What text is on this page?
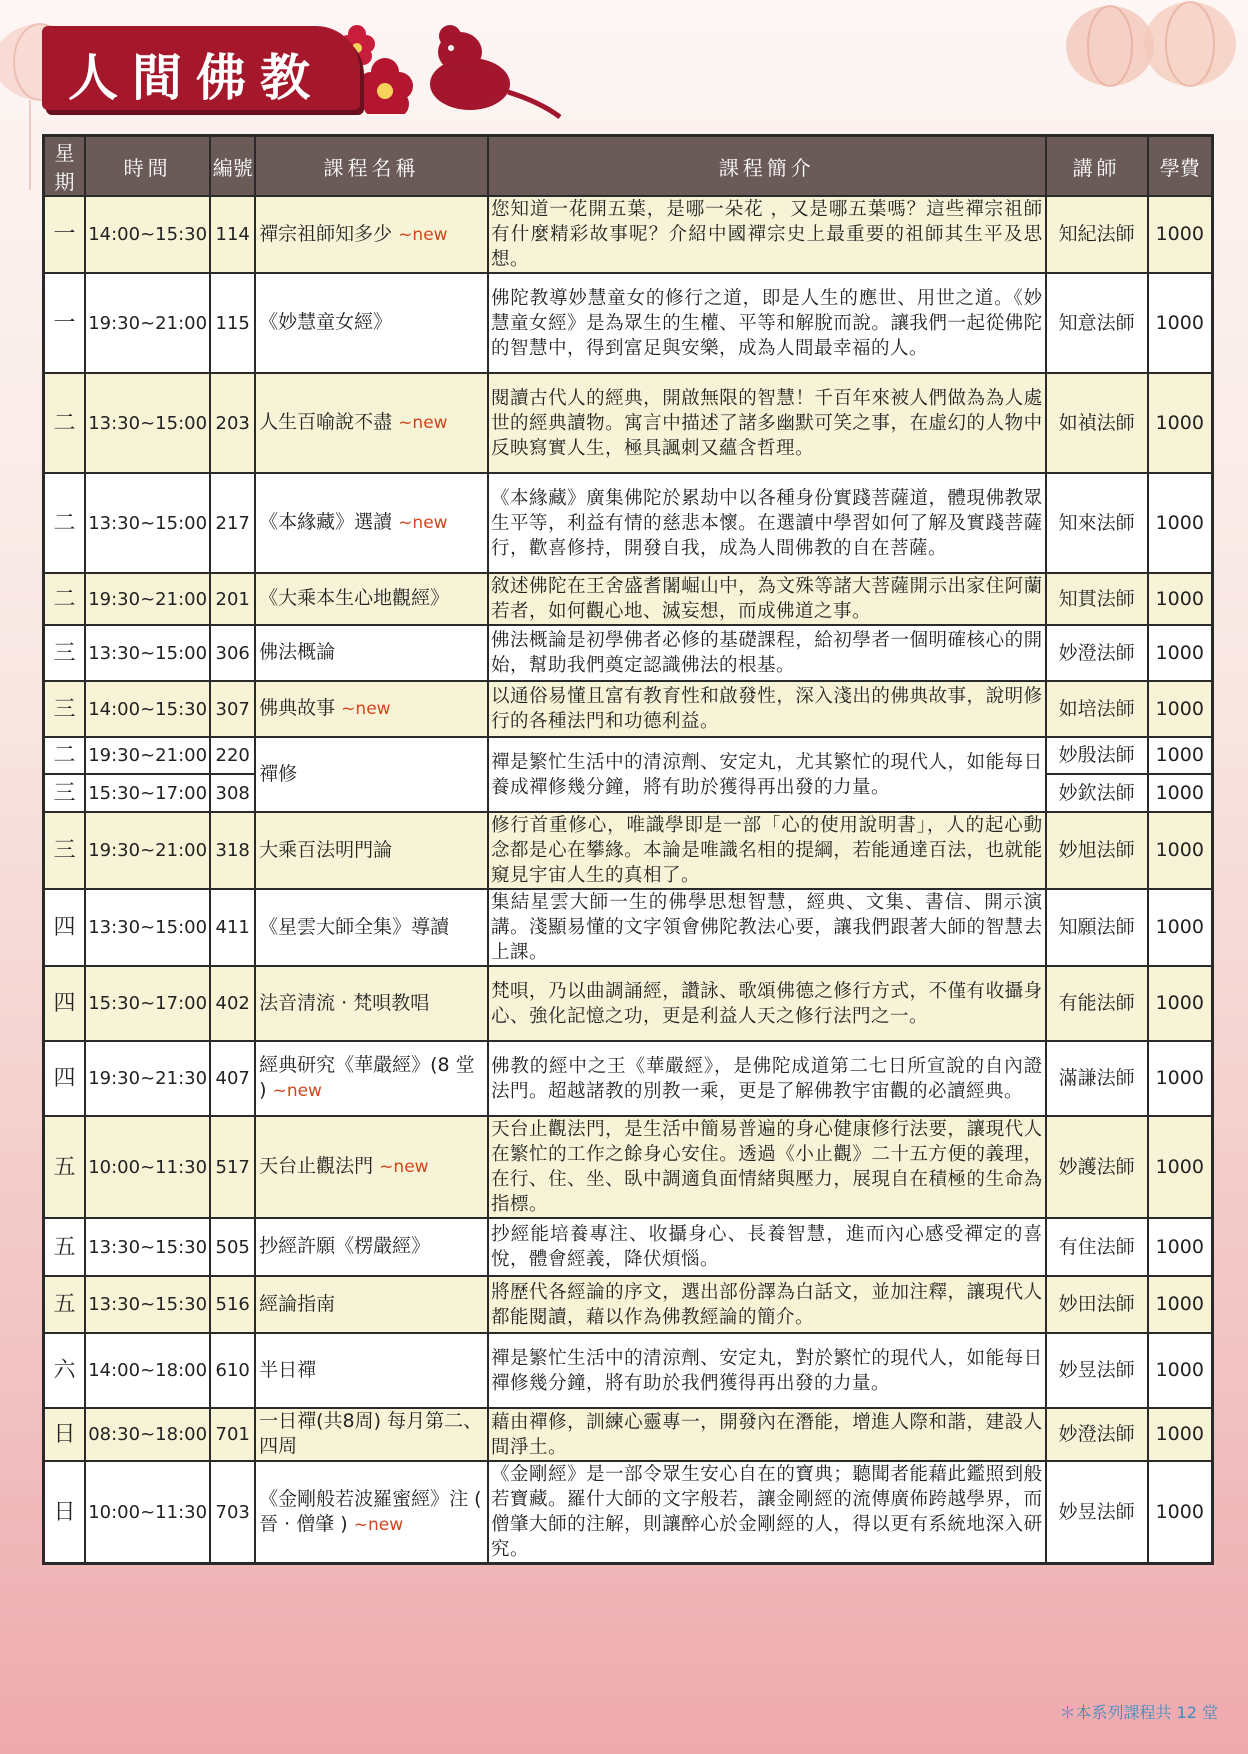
人間佛教
星期	時間	編號	課程名稱	課程簡介	講師	學費
一	14:00~15:30	114	禪宗祖師知多少 ~new	您知道一花開五葉，是哪一朵花 ，又是哪五葉嗎？這些禪宗祖師有什麼精彩故事呢？介紹中國禪宗史上最重要的祖師其生平及思想。	知紀法師	1000
一	19:30~21:00	115	《妙慧童女經》	佛陀教導妙慧童女的修行之道，即是人生的應世、用世之道。《妙慧童女經》是為眾生的生權、平等和解脫而說。讓我們一起從佛陀的智慧中，得到富足與安樂，成為人間最幸福的人。	知意法師	1000
二	13:30~15:00	203	人生百喻說不盡 ~new	閱讀古代人的經典，開啟無限的智慧！千百年來被人們做為為人處世的經典讀物。寓言中描述了諸多幽默可笑之事，在虛幻的人物中反映寫實人生，極具諷刺又蘊含哲理。	如禎法師	1000
二	13:30~15:00	217	《本緣藏》選讀 ~new	《本緣藏》廣集佛陀於累劫中以各種身份實踐菩薩道，體現佛教眾生平等，利益有情的慈悲本懷。在選讀中學習如何了解及實踐菩薩行，歡喜修持，開發自我，成為人間佛教的自在菩薩。	知來法師	1000
二	19:30~21:00	201	《大乘本生心地觀經》	敘述佛陀在王舍盛耆闍崛山中，為文殊等諸大菩薩開示出家住阿蘭若者，如何觀心地、滅妄想，而成佛道之事。	知貫法師	1000
三	13:30~15:00	306	佛法概論	佛法概論是初學佛者必修的基礎課程，給初學者一個明確核心的開始，幫助我們奠定認識佛法的根基。	妙澄法師	1000
三	14:00~15:30	307	佛典故事 ~new	以通俗易懂且富有教育性和啟發性，深入淺出的佛典故事，說明修行的各種法門和功德利益。	如培法師	1000
二	19:30~21:00	220	禪修	禪是繁忙生活中的清涼劑、安定丸，尤其繁忙的現代人，如能每日養成禪修幾分鐘，將有助於獲得再出發的力量。	妙殷法師	1000
三	15:30~17:00	308			妙欽法師	1000
三	19:30~21:00	318	大乘百法明門論	修行首重修心，唯識學即是一部「心的使用說明書」，人的起心動念都是心在攀緣。本論是唯識名相的提綱，若能通達百法，也就能窺見宇宙人生的真相了。	妙旭法師	1000
四	13:30~15:00	411	《星雲大師全集》導讀	集結星雲大師一生的佛學思想智慧，經典、文集、書信、開示演講。淺顯易懂的文字領會佛陀教法心要，讓我們跟著大師的智慧去上課。	知願法師	1000
四	15:30~17:00	402	法音清流 ‧ 梵唄教唱	梵唄，乃以曲調誦經，讚詠、歌頌佛德之修行方式，不僅有收攝身心、強化記憶之功，更是利益人天之修行法門之一。	有能法師	1000
四	19:30~21:30	407	經典研究《華嚴經》(8 堂 ) ~new	佛教的經中之王《華嚴經》，是佛陀成道第二七日所宣說的自內證法門。超越諸教的別教一乘，更是了解佛教宇宙觀的必讀經典。	滿謙法師	1000
五	10:00~11:30	517	天台止觀法門 ~new	天台止觀法門，是生活中簡易普遍的身心健康修行法要，讓現代人在繁忙的工作之餘身心安住。透過《小止觀》二十五方便的義理，在行、住、坐、臥中調適負面情緒與壓力，展現自在積極的生命為指標。	妙護法師	1000
五	13:30~15:30	505	抄經許願《楞嚴經》	抄經能培養專注、收攝身心、長養智慧，進而內心感受禪定的喜悅，體會經義，降伏煩惱。	有住法師	1000
五	13:30~15:30	516	經論指南	將歷代各經論的序文，選出部份譯為白話文，並加注釋，讓現代人都能閱讀，藉以作為佛教經論的簡介。	妙田法師	1000
六	14:00~18:00	610	半日禪	禪是繁忙生活中的清涼劑、安定丸，對於繁忙的現代人，如能每日禪修幾分鐘，將有助於我們獲得再出發的力量。	妙昱法師	1000
日	08:30~18:00	701	一日禪(共8周) 每月第二、四周	藉由禪修，訓練心靈專一，開發內在潛能，增進人際和諧，建設人間淨土。	妙澄法師	1000
日	10:00~11:30	703	《金剛般若波羅蜜經》注 ( 晉 ‧ 僧肇 ) ~new	《金剛經》是一部令眾生安心自在的寶典；聽聞者能藉此鑑照到般若寶藏。羅什大師的文字般若，讓金剛經的流傳廣佈跨越學界，而僧肇大師的注解，則讓醉心於金剛經的人，得以更有系統地深入研究。	妙昱法師	1000
＊本系列課程共 12 堂
